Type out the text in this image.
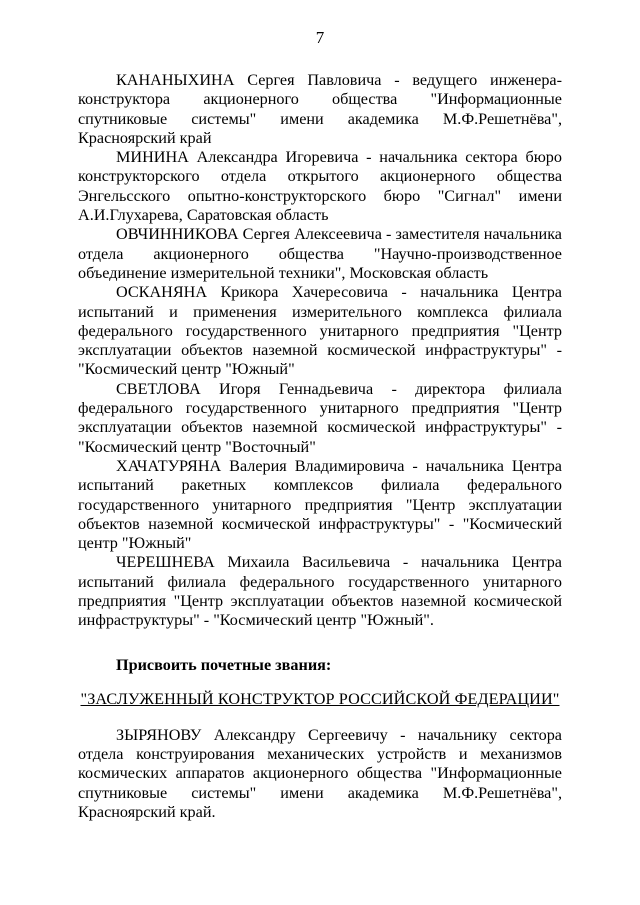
7

КАНАНЫХИНА Сергея Павловича - ведущего инженера-конструктора акционерного общества "Информационные спутниковые системы" имени академика М.Ф.Решетнёва", Красноярский край

МИНИНА Александра Игоревича - начальника сектора бюро конструкторского отдела открытого акционерного общества Энгельсского опытно-конструкторского бюро "Сигнал" имени А.И.Глухарева, Саратовская область

ОВЧИННИКОВА Сергея Алексеевича - заместителя начальника отдела акционерного общества "Научно-производственное объединение измерительной техники", Московская область

ОСКАНЯНА Крикора Хачересовича - начальника Центра испытаний и применения измерительного комплекса филиала федерального государственного унитарного предприятия "Центр эксплуатации объектов наземной космической инфраструктуры" - "Космический центр "Южный"

СВЕТЛОВА Игоря Геннадьевича - директора филиала федерального государственного унитарного предприятия "Центр эксплуатации объектов наземной космической инфраструктуры" - "Космический центр "Восточный"

ХАЧАТУРЯНА Валерия Владимировича - начальника Центра испытаний ракетных комплексов филиала федерального государственного унитарного предприятия "Центр эксплуатации объектов наземной космической инфраструктуры" - "Космический центр "Южный"

ЧЕРЕШНЕВА Михаила Васильевича - начальника Центра испытаний филиала федерального государственного унитарного предприятия "Центр эксплуатации объектов наземной космической инфраструктуры" - "Космический центр "Южный".

Присвоить почетные звания:

"ЗАСЛУЖЕННЫЙ КОНСТРУКТОР РОССИЙСКОЙ ФЕДЕРАЦИИ"

ЗЫРЯНОВУ Александру Сергеевичу - начальнику сектора отдела конструирования механических устройств и механизмов космических аппаратов акционерного общества "Информационные спутниковые системы" имени академика М.Ф.Решетнёва", Красноярский край.
